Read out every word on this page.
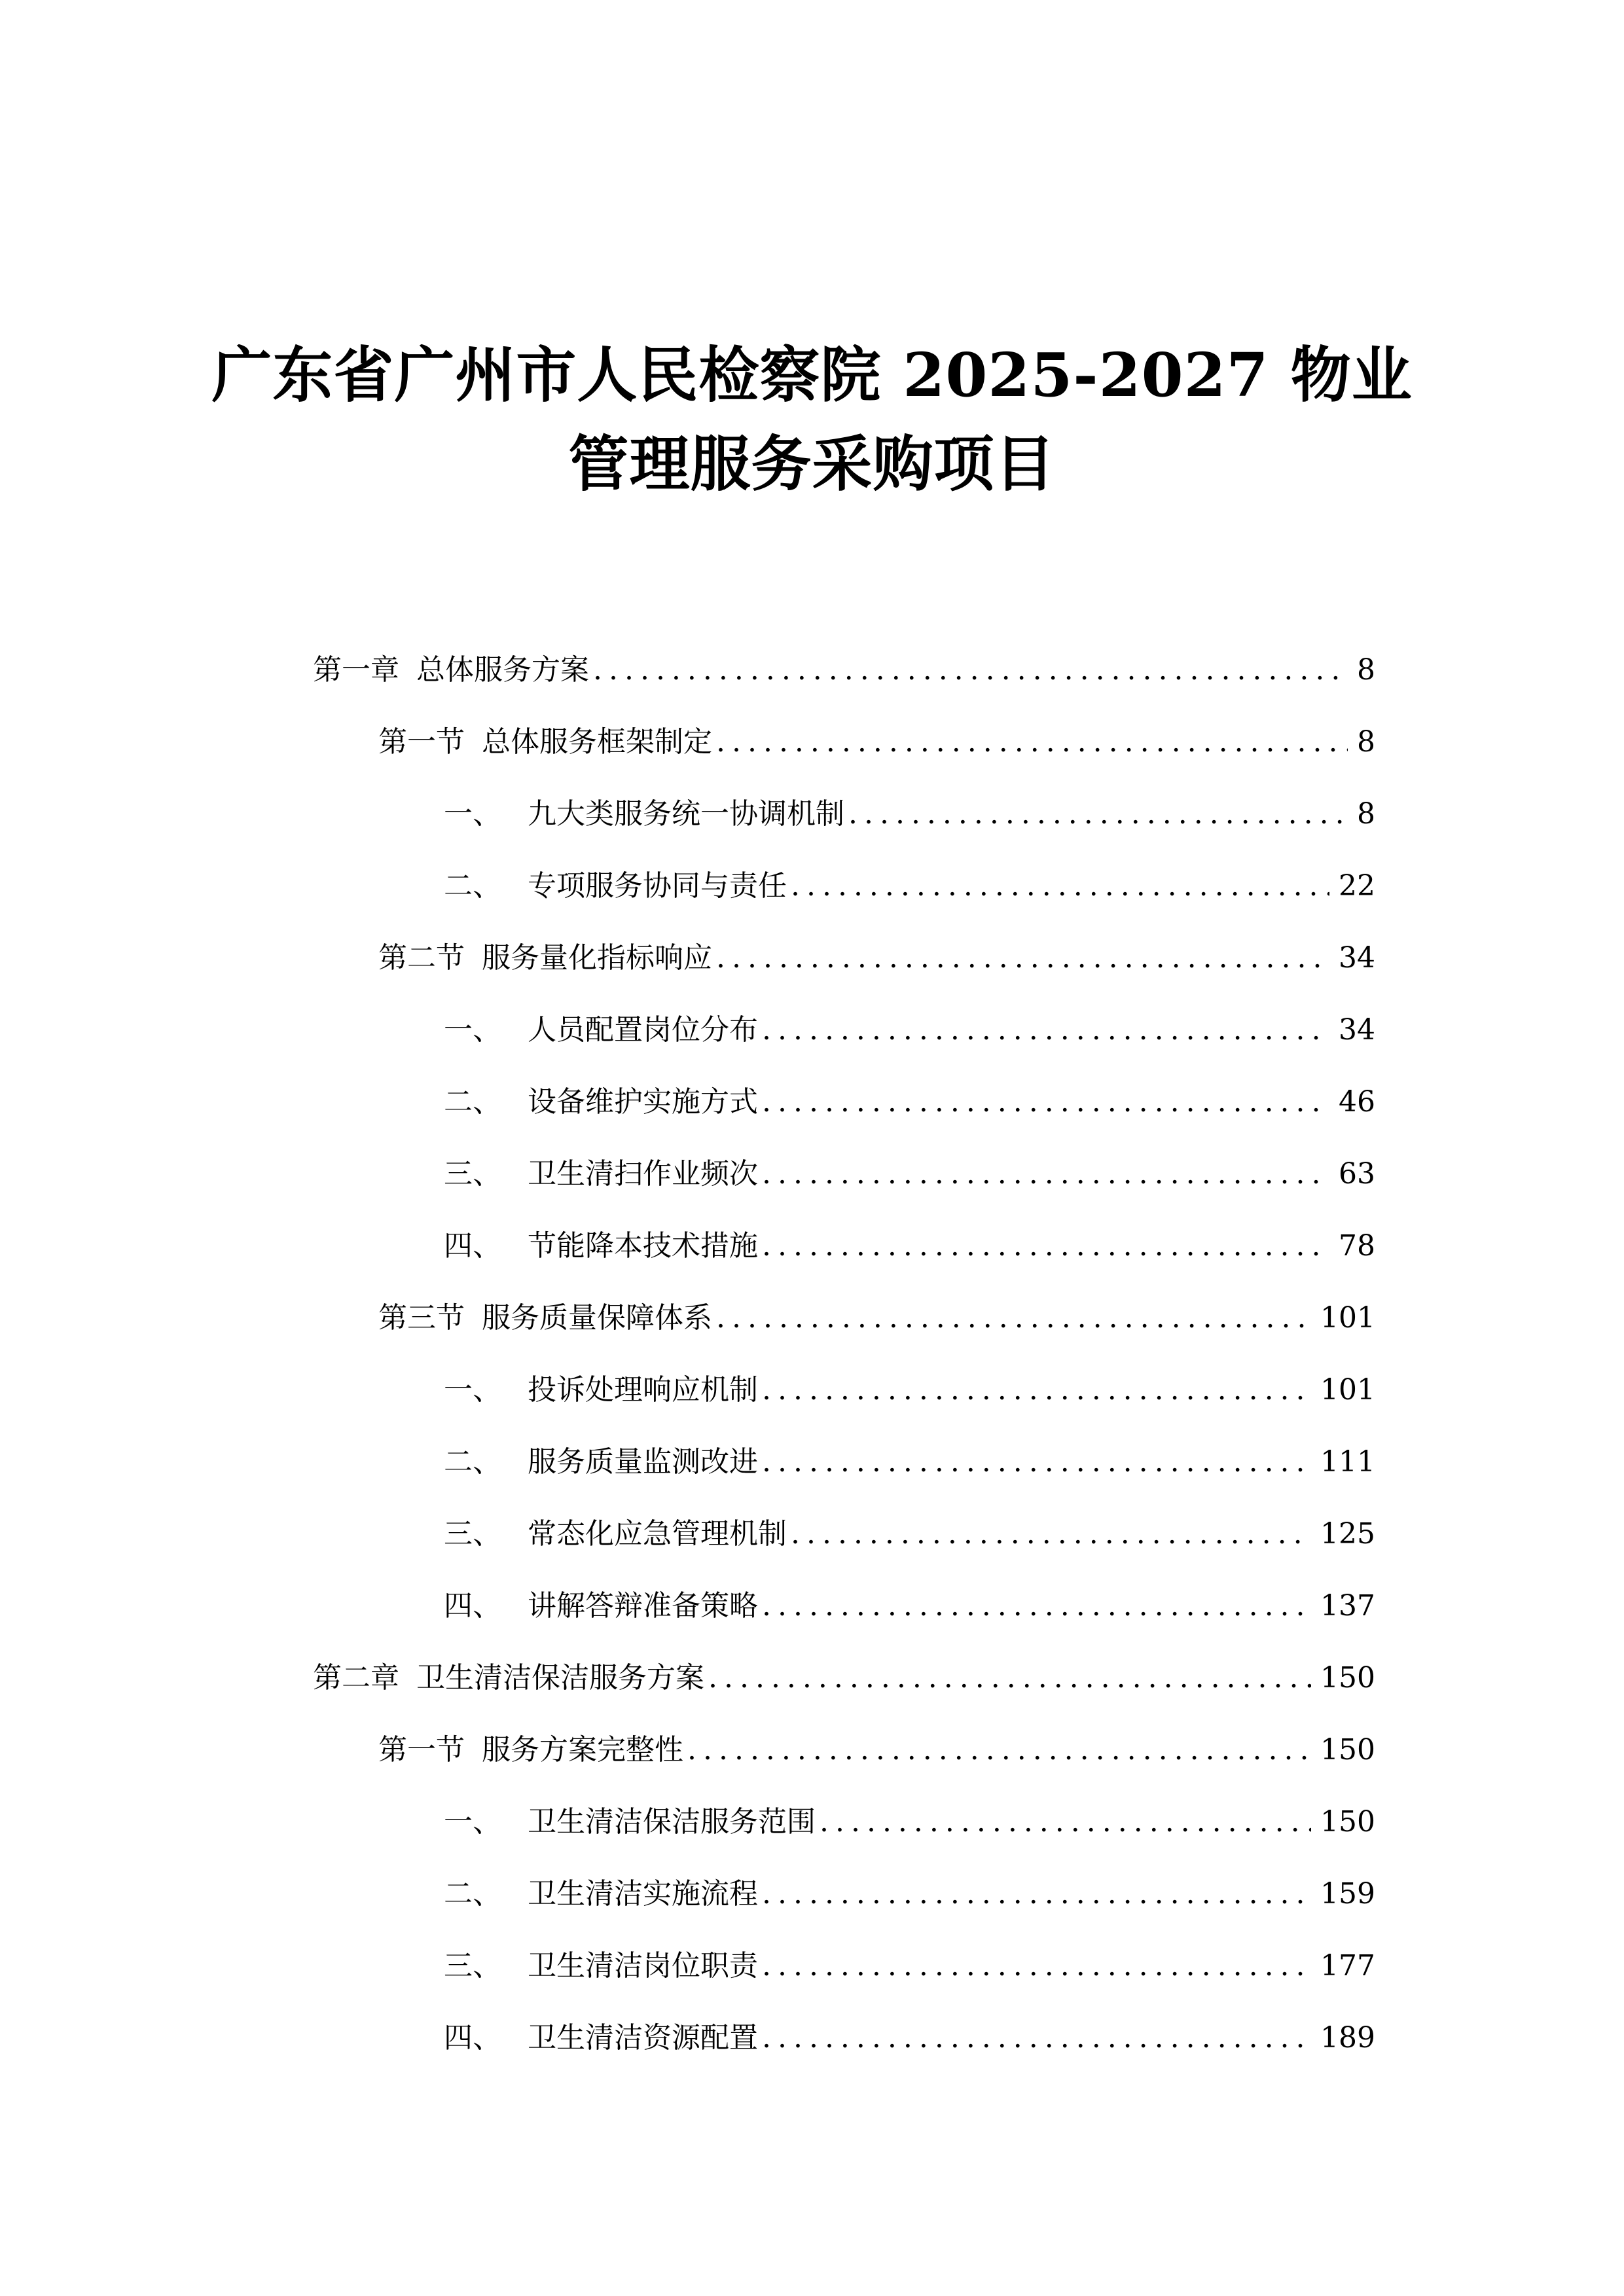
广东省广州市人民检察院 2025-2027 物业
管理服务采购项目
第一章 总体服务方案 .....	8
第一节 总体服务框架制定 .....	8
一、 九大类服务统一协调机制 .....	8
二、 专项服务协同与责任 .....	22
第二节 服务量化指标响应 .....	34
一、 人员配置岗位分布 .....	34
二、 设备维护实施方式 .....	46
三、 卫生清扫作业频次 .....	63
四、 节能降本技术措施 .....	78
第三节 服务质量保障体系 .....	101
一、 投诉处理响应机制 .....	101
二、 服务质量监测改进 .....	111
三、 常态化应急管理机制 .....	125
四、 讲解答辩准备策略 .....	137
第二章 卫生清洁保洁服务方案 .....	150
第一节 服务方案完整性 .....	150
一、 卫生清洁保洁服务范围 .....	150
二、 卫生清洁实施流程 .....	159
三、 卫生清洁岗位职责 .....	177
四、 卫生清洁资源配置 .....	189
